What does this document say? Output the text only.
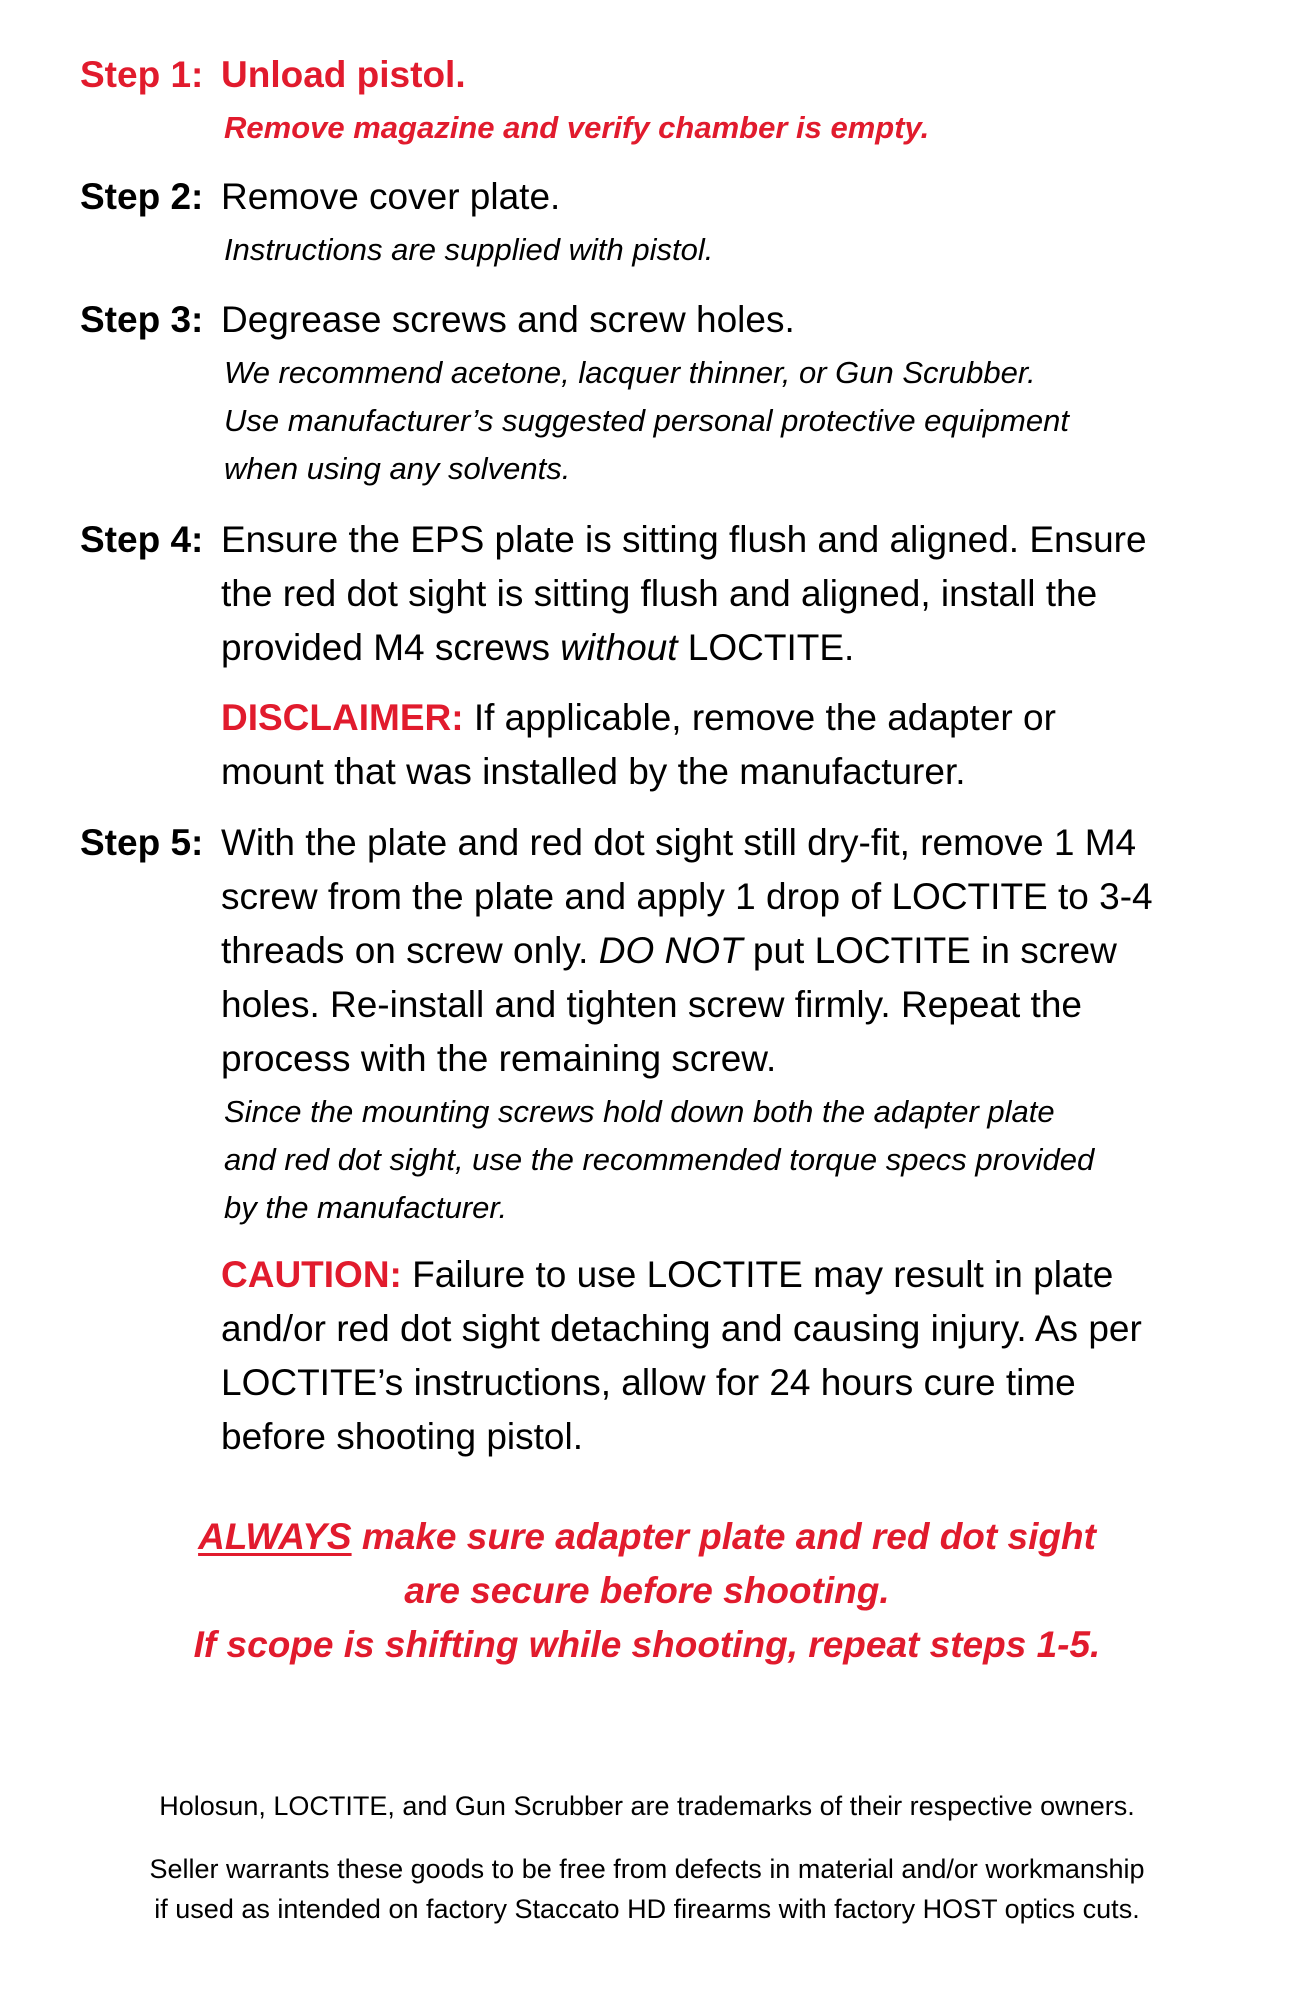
Step 1: Unload pistol.
Remove magazine and verify chamber is empty.
Step 2: Remove cover plate.
Instructions are supplied with pistol.
Step 3: Degrease screws and screw holes.
We recommend acetone, lacquer thinner, or Gun Scrubber.
Use manufacturer’s suggested personal protective equipment
when using any solvents.
Step 4: Ensure the EPS plate is sitting flush and aligned. Ensure
the red dot sight is sitting flush and aligned, install the
provided M4 screws without LOCTITE.
DISCLAIMER: If applicable, remove the adapter or
mount that was installed by the manufacturer.
Step 5: With the plate and red dot sight still dry-fit, remove 1 M4
screw from the plate and apply 1 drop of LOCTITE to 3-4
threads on screw only. DO NOT put LOCTITE in screw
holes. Re-install and tighten screw firmly. Repeat the
process with the remaining screw.
Since the mounting screws hold down both the adapter plate
and red dot sight, use the recommended torque specs provided
by the manufacturer.
CAUTION: Failure to use LOCTITE may result in plate
and/or red dot sight detaching and causing injury. As per
LOCTITE’s instructions, allow for 24 hours cure time
before shooting pistol.
ALWAYS make sure adapter plate and red dot sight
are secure before shooting.
If scope is shifting while shooting, repeat steps 1-5.
Holosun, LOCTITE, and Gun Scrubber are trademarks of their respective owners.
Seller warrants these goods to be free from defects in material and/or workmanship
if used as intended on factory Staccato HD firearms with factory HOST optics cuts.
